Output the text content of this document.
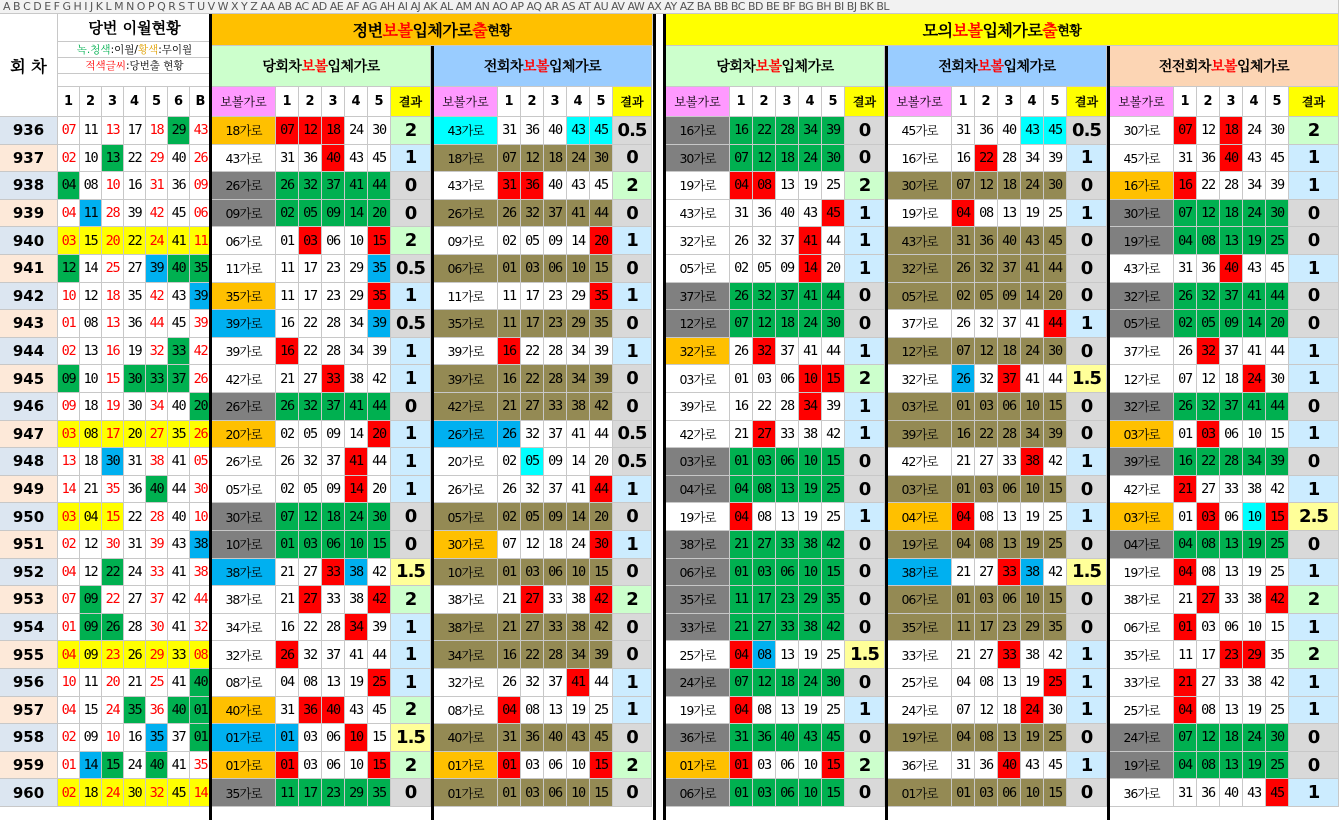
A B C D E F G H I J K L M N O P Q R S T U V W X Y Z AA AB AC AD AE AF AG AH AI AJ AK AL AM AN AO AP AQ AR AS AT AU AV AW AX AY AZ BA BB BC BD BE BF BG BH BI BJ BK BL
회 차
당번 이월현황
녹.청색 :이월/ 황색 :무이월
적색글씨 :당번출 현황
1 2 3 4 5 6 B
정변 보볼 입체가로 출 현황	모의 보볼 입체가로 출 현황
당회차 보볼 입체가로
보볼가로	1 2 3 4 5 결과
전회차 보볼 입체가로
보볼가로	1 2 3 4 5 결과
당회차 보볼 입체가로
보볼가로	1 2 3 4 5 결과
전회차 보볼 입체가로
보볼가로	1 2 3 4 5 결과
전전회차 보볼 입체가로
보볼가로	1 2 3 4 5 결과
936	07 11 13 17 18 29 43	18가로	07 12 18 24 30	2	43가로	31 36 40 43 45 0.5	16가로	16 22 28 34 39	0	45가로	31 36 40 43 45 0.5	30가로	07 12 18 24 30	2
937	02 10 13 22 29 40 26	43가로	31 36 40 43 45	1	18가로	07 12 18 24 30	0	30가로	07 12 18 24 30	0	16가로	16 22 28 34 39	1	45가로	31 36 40 43 45	1
938	04 08 10 16 31 36 09	26가로	26 32 37 41 44	0	43가로	31 36 40 43 45	2	19가로	04 08 13 19 25	2	30가로	07 12 18 24 30	0	16가로	16 22 28 34 39	1
939	04 11 28 39 42 45 06	09가로	02 05 09 14 20	0	26가로	26 32 37 41 44	0	43가로	31 36 40 43 45	1	19가로	04 08 13 19 25	1	30가로	07 12 18 24 30	0
940	03 15 20 22 24 41 11	06가로	01 03 06 10 15	2	09가로	02 05 09 14 20	1	32가로	26 32 37 41 44	1	43가로	31 36 40 43 45	0	19가로	04 08 13 19 25	0
941	12 14 25 27 39 40 35	11가로	11 17 23 29 35 0.5	06가로	01 03 06 10 15	0	05가로	02 05 09 14 20	1	32가로	26 32 37 41 44	0	43가로	31 36 40 43 45	1
942	10 12 18 35 42 43 39	35가로	11 17 23 29 35	1	11가로	11 17 23 29 35	1	37가로	26 32 37 41 44	0	05가로	02 05 09 14 20	0	32가로	26 32 37 41 44	0
943	01 08 13 36 44 45 39	39가로	16 22 28 34 39 0.5	35가로	11 17 23 29 35	0	12가로	07 12 18 24 30	0	37가로	26 32 37 41 44	1	05가로	02 05 09 14 20	0
944	02 13 16 19 32 33 42	39가로	16 22 28 34 39	1	39가로	16 22 28 34 39	1	32가로	26 32 37 41 44	1	12가로	07 12 18 24 30	0	37가로	26 32 37 41 44	1
945	09 10 15 30 33 37 26	42가로	21 27 33 38 42	1	39가로	16 22 28 34 39	0	03가로	01 03 06 10 15	2	32가로	26 32 37 41 44 1.5	12가로	07 12 18 24 30	1
946	09 18 19 30 34 40 20	26가로	26 32 37 41 44	0	42가로	21 27 33 38 42	0	39가로	16 22 28 34 39	1	03가로	01 03 06 10 15	0	32가로	26 32 37 41 44	0
947	03 08 17 20 27 35 26	20가로	02 05 09 14 20	1	26가로	26 32 37 41 44 0.5	42가로	21 27 33 38 42	1	39가로	16 22 28 34 39	0	03가로	01 03 06 10 15	1
948	13 18 30 31 38 41 05	26가로	26 32 37 41 44	1	20가로	02 05 09 14 20 0.5	03가로	01 03 06 10 15	0	42가로	21 27 33 38 42	1	39가로	16 22 28 34 39	0
949	14 21 35 36 40 44 30	05가로	02 05 09 14 20	1	26가로	26 32 37 41 44	1	04가로	04 08 13 19 25	0	03가로	01 03 06 10 15	0	42가로	21 27 33 38 42	1
950	03 04 15 22 28 40 10	30가로	07 12 18 24 30	0	05가로	02 05 09 14 20	0	19가로	04 08 13 19 25	1	04가로	04 08 13 19 25	1	03가로	01 03 06 10 15 2.5
951	02 12 30 31 39 43 38	10가로	01 03 06 10 15	0	30가로	07 12 18 24 30	1	38가로	21 27 33 38 42	0	19가로	04 08 13 19 25	0	04가로	04 08 13 19 25	0
952	04 12 22 24 33 41 38	38가로	21 27 33 38 42 1.5	10가로	01 03 06 10 15	0	06가로	01 03 06 10 15	0	38가로	21 27 33 38 42 1.5	19가로	04 08 13 19 25	1
953	07 09 22 27 37 42 44	38가로	21 27 33 38 42	2	38가로	21 27 33 38 42	2	35가로	11 17 23 29 35	0	06가로	01 03 06 10 15	0	38가로	21 27 33 38 42	2
954	01 09 26 28 30 41 32	34가로	16 22 28 34 39	1	38가로	21 27 33 38 42	0	33가로	21 27 33 38 42	0	35가로	11 17 23 29 35	0	06가로	01 03 06 10 15	1
955	04 09 23 26 29 33 08	32가로	26 32 37 41 44	1	34가로	16 22 28 34 39	0	25가로	04 08 13 19 25 1.5	33가로	21 27 33 38 42	1	35가로	11 17 23 29 35	2
956	10 11 20 21 25 41 40	08가로	04 08 13 19 25	1	32가로	26 32 37 41 44	1	24가로	07 12 18 24 30	0	25가로	04 08 13 19 25	1	33가로	21 27 33 38 42	1
957	04 15 24 35 36 40 01	40가로	31 36 40 43 45	2	08가로	04 08 13 19 25	1	19가로	04 08 13 19 25	1	24가로	07 12 18 24 30	1	25가로	04 08 13 19 25	1
958	02 09 10 16 35 37 01	01가로	01 03 06 10 15 1.5	40가로	31 36 40 43 45	0	36가로	31 36 40 43 45	0	19가로	04 08 13 19 25	0	24가로	07 12 18 24 30	0
959	01 14 15 24 40 41 35	01가로	01 03 06 10 15	2	01가로	01 03 06 10 15	2	01가로	01 03 06 10 15	2	36가로	31 36 40 43 45	1	19가로	04 08 13 19 25	0
960	02 18 24 30 32 45 14	35가로	11 17 23 29 35	0	01가로	01 03 06 10 15	0	06가로	01 03 06 10 15	0	01가로	01 03 06 10 15	0	36가로	31 36 40 43 45	1
